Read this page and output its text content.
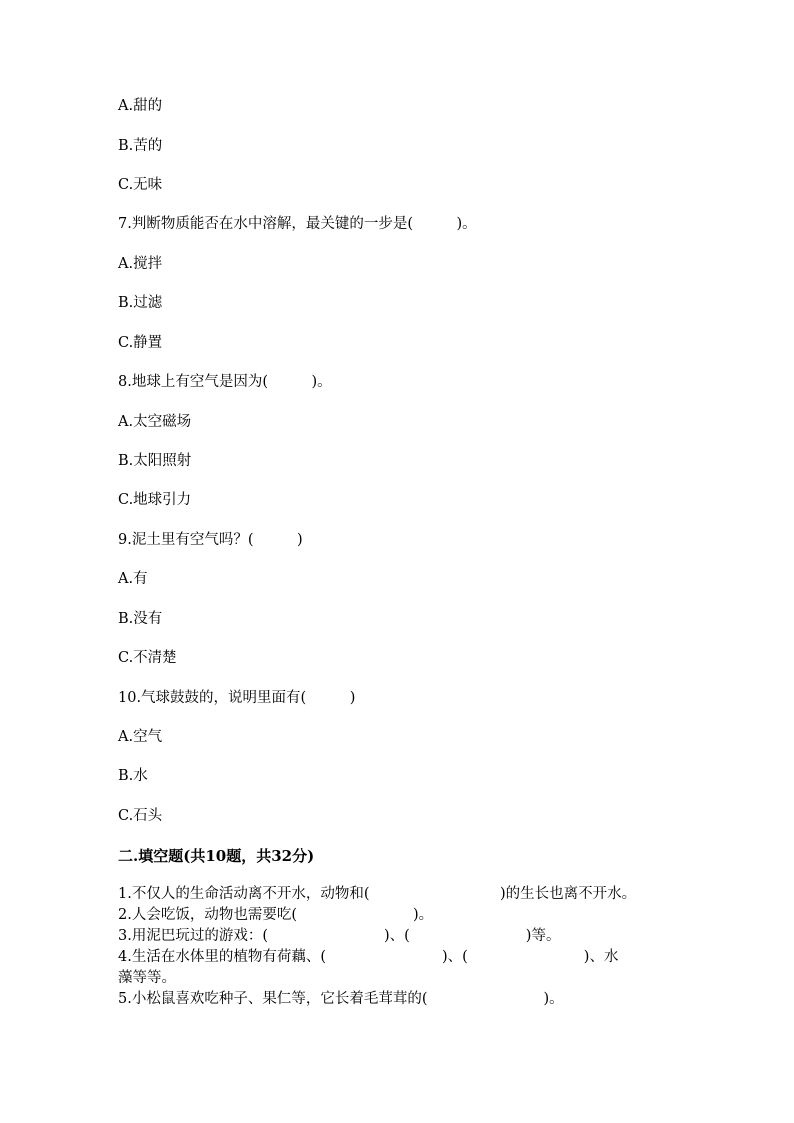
A.甜的
B.苦的
C.无味
7.判断物质能否在水中溶解，最关键的一步是(　　　)。
A.搅拌
B.过滤
C.静置
8.地球上有空气是因为(　　　)。
A.太空磁场
B.太阳照射
C.地球引力
9.泥土里有空气吗？(　　　)
A.有
B.没有
C.不清楚
10.气球鼓鼓的，说明里面有(　　　)
A.空气
B.水
C.石头
二.填空题(共10题，共32分)
1.不仅人的生命活动离不开水，动物和(　　　　　　　　　)的生长也离不开水。
2.人会吃饭，动物也需要吃(　　　　　　　　)。
3.用泥巴玩过的游戏：(　　　　　　　　)、(　　　　　　　　)等。
4.生活在水体里的植物有荷藕、(　　　　　　　　)、(　　　　　　　　)、水
藻等等。
5.小松鼠喜欢吃种子、果仁等，它长着毛茸茸的(　　　　　　　　)。
